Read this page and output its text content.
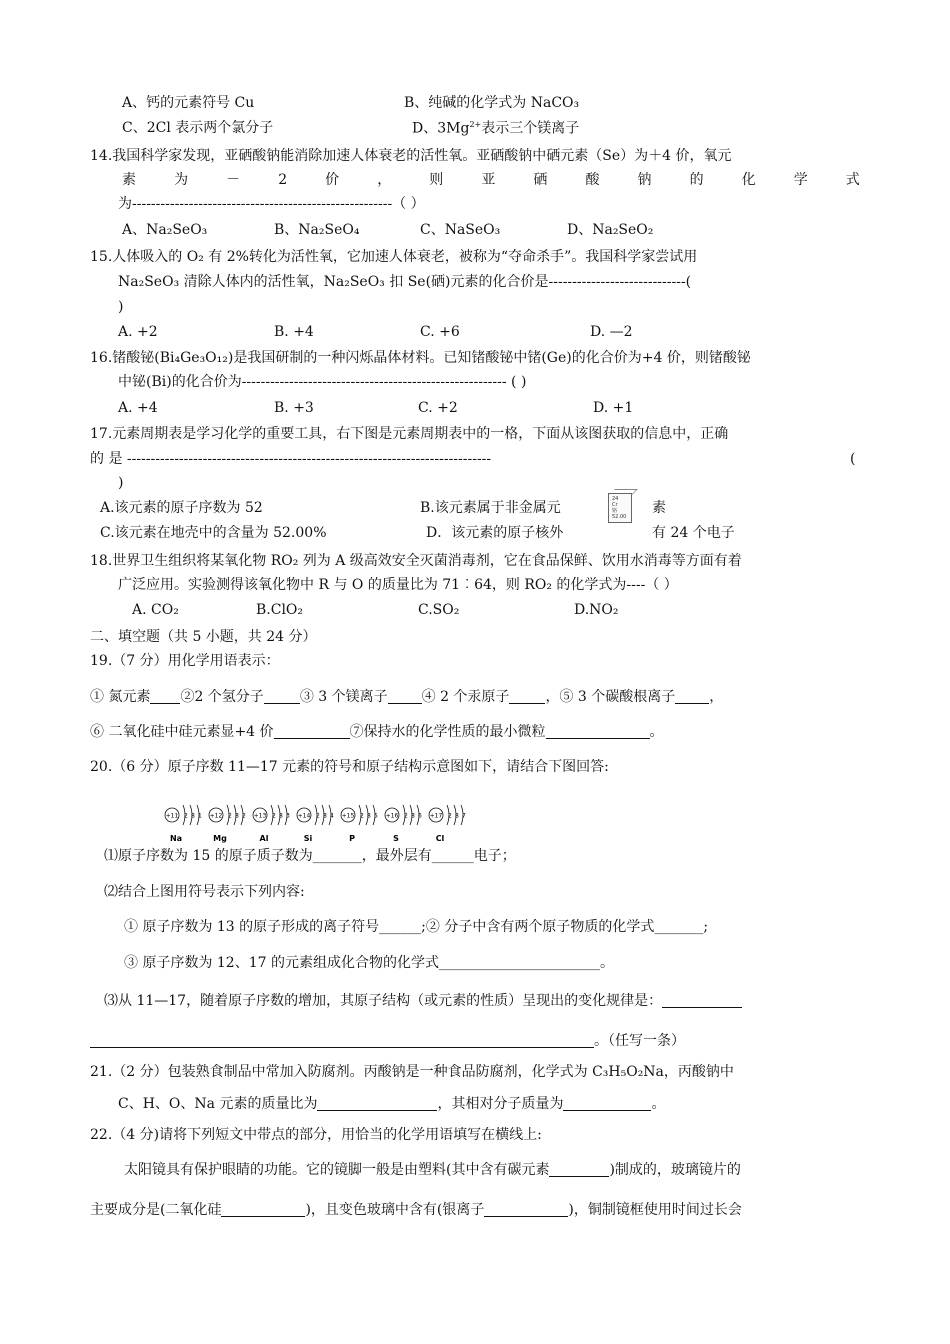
A、钙的元素符号 Cu	B、纯碱的化学式为 NaCO₃
C、2Cl 表示两个氯分子	D、$3Mg^{2+}$表示三个镁离子
14.我国科学家发现，亚硒酸钠能消除加速人体衰老的活性氧。亚硒酸钠中硒元素（Se）为＋4 价，氧元
素	为	－	2	价	，	则	亚	硒	酸	钠	的	化	学	式
为-------------------------------------------------------（ ）
A、Na₂SeO₃	B、Na₂SeO₄	C、NaSeO₃	D、Na₂SeO₂
15.人体吸入的 O₂ 有 2%转化为活性氧，它加速人体衰老，被称为“夺命杀手”。我国科学家尝试用
Na₂SeO₃ 清除人体内的活性氧，Na₂SeO₃ 扣 Se(硒)元素的化合价是-----------------------------(
)
A. +2	B. +4	C. +6	D. —2
16.锗酸铋(Bi₄Ge₃O₁₂)是我国研制的一种闪烁晶体材料。已知锗酸铋中锗(Ge)的化合价为+4 价，则锗酸铋
中铋(Bi)的化合价为-------------------------------------------------------- ( )
A. +4	B. +3	C. +2	D. +1
17.元素周期表是学习化学的重要工具，右下图是元素周期表中的一格，下面从该图获取的信息中，正确
的 是 -----------------------------------------------------------------------------	(
)
A.该元素的原子序数为 52	B.该元素属于非金属元	素
C.该元素在地壳中的含量为 52.00%	D．该元素的原子核外	有 24 个电子
24
Cr
铬
52.00
18.世界卫生组织将某氧化物 RO₂ 列为 A 级高效安全灭菌消毒剂，它在食品保鲜、饮用水消毒等方面有着
广泛应用。实验测得该氧化物中 R 与 O 的质量比为 71︰64，则 RO₂ 的化学式为----（ ）
A. CO₂	B.ClO₂	C.SO₂	D.NO₂
二、填空题（共 5 小题，共 24 分）
19.（7 分）用化学用语表示：
① 氮元素 ②2 个氢分子	③ 3 个镁离子 ④ 2 个汞原子	，⑤ 3 个碳酸根离子 ，
⑥ 二氧化硅中硅元素显+4 价	⑦保持水的化学性质的最小微粒	。
20.（6 分）原子序数 11—17 元素的符号和原子结构示意图如下，请结合下图回答:
+11 2 8 1
Na
+12 2 8 2
Mg
+13 2 8 3
Al
+14 2 8 4
Si
+15 2 8 5
P
+16 2 8 6
S
+17 2 8 7
Cl
⑴原子序数为 15 的原子质子数为_______，最外层有______电子；
⑵结合上图用符号表示下列内容:
① 原子序数为 13 的原子形成的离子符号______;② 分子中含有两个原子物质的化学式_______;
③ 原子序数为 12、17 的元素组成化合物的化学式_______________________。
⑶从 11—17，随着原子序数的增加，其原子结构（或元素的性质）呈现出的变化规律是：
。（任写一条）
21.（2 分）包装熟食制品中常加入防腐剂。丙酸钠是一种食品防腐剂，化学式为 C₃H₅O₂Na，丙酸钠中
C、H、O、Na 元素的质量比为	，其相对分子质量为	。
22.（4 分)请将下列短文中带点的部分，用恰当的化学用语填写在横线上:
太阳镜具有保护眼睛的功能。它的镜脚一般是由塑料(其中含有碳元素	)制成的，玻璃镜片的
主要成分是(二氧化硅	)，且变色玻璃中含有(银离子	)，铜制镜框使用时间过长会
